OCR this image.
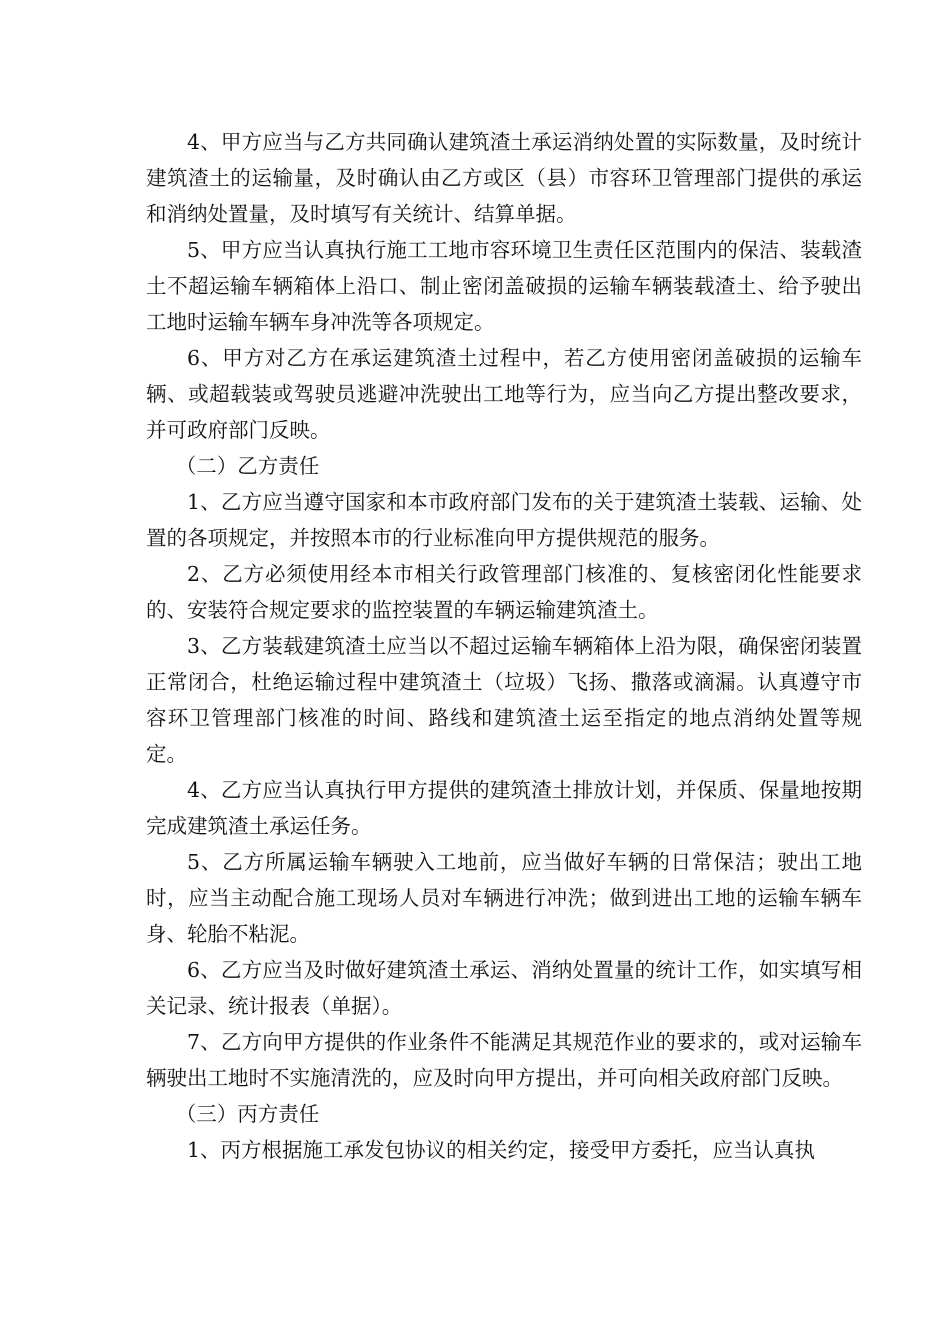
4、甲方应当与乙方共同确认建筑渣土承运消纳处置的实际数量，及时统计建筑渣土的运输量，及时确认由乙方或区（县）市容环卫管理部门提供的承运和消纳处置量，及时填写有关统计、结算单据。

5、甲方应当认真执行施工工地市容环境卫生责任区范围内的保洁、装载渣土不超运输车辆箱体上沿口、制止密闭盖破损的运输车辆装载渣土、给予驶出工地时运输车辆车身冲洗等各项规定。

6、甲方对乙方在承运建筑渣土过程中，若乙方使用密闭盖破损的运输车辆、或超载装或驾驶员逃避冲洗驶出工地等行为，应当向乙方提出整改要求，并可政府部门反映。

（二）乙方责任

1、乙方应当遵守国家和本市政府部门发布的关于建筑渣土装载、运输、处置的各项规定，并按照本市的行业标准向甲方提供规范的服务。

2、乙方必须使用经本市相关行政管理部门核准的、复核密闭化性能要求的、安装符合规定要求的监控装置的车辆运输建筑渣土。

3、乙方装载建筑渣土应当以不超过运输车辆箱体上沿为限，确保密闭装置正常闭合，杜绝运输过程中建筑渣土（垃圾）飞扬、撒落或滴漏。认真遵守市容环卫管理部门核准的时间、路线和建筑渣土运至指定的地点消纳处置等规定。

4、乙方应当认真执行甲方提供的建筑渣土排放计划，并保质、保量地按期完成建筑渣土承运任务。

5、乙方所属运输车辆驶入工地前，应当做好车辆的日常保洁；驶出工地时，应当主动配合施工现场人员对车辆进行冲洗；做到进出工地的运输车辆车身、轮胎不粘泥。

6、乙方应当及时做好建筑渣土承运、消纳处置量的统计工作，如实填写相关记录、统计报表（单据）。

7、乙方向甲方提供的作业条件不能满足其规范作业的要求的，或对运输车辆驶出工地时不实施清洗的，应及时向甲方提出，并可向相关政府部门反映。

（三）丙方责任

1、丙方根据施工承发包协议的相关约定，接受甲方委托，应当认真执
